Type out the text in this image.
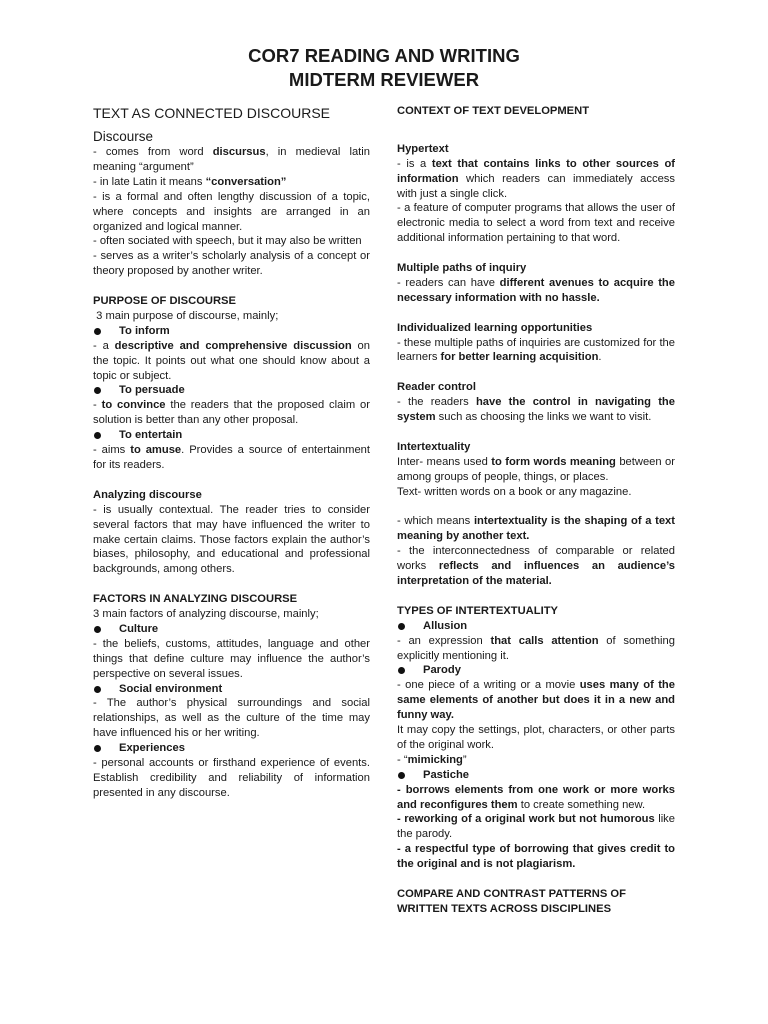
COR7 READING AND WRITING
MIDTERM REVIEWER
TEXT AS CONNECTED DISCOURSE
Discourse

- comes from word discursus, in medieval latin meaning “argument”

- in late Latin it means “conversation”

- is a formal and often lengthy discussion of a topic, where concepts and insights are arranged in an organized and logical manner.

- often sociated with speech, but it may also be written

- serves as a writer’s scholarly analysis of a concept or theory proposed by another writer.

PURPOSE OF DISCOURSE

3 main purpose of discourse, mainly;

To inform

- a descriptive and comprehensive discussion on the topic. It points out what one should know about a topic or subject.

To persuade

- to convince the readers that the proposed claim or solution is better than any other proposal.

To entertain

- aims to amuse. Provides a source of entertainment for its readers.

Analyzing discourse

- is usually contextual. The reader tries to consider several factors that may have influenced the writer to make certain claims. Those factors explain the author’s biases, philosophy, and educational and professional backgrounds, among others.

FACTORS IN ANALYZING DISCOURSE

3 main factors of analyzing discourse, mainly;

Culture

- the beliefs, customs, attitudes, language and other things that define culture may influence the author’s perspective on several issues.

Social environment

- The author’s physical surroundings and social relationships, as well as the culture of the time may have influenced his or her writing.

Experiences

- personal accounts or firsthand experience of events. Establish credibility and reliability of information presented in any discourse.

CONTEXT OF TEXT DEVELOPMENT
Hypertext

- is a text that contains links to other sources of information which readers can immediately access with just a single click.

- a feature of computer programs that allows the user of electronic media to select a word from text and receive additional information pertaining to that word.

Multiple paths of inquiry

- readers can have different avenues to acquire the necessary information with no hassle.

Individualized learning opportunities

- these multiple paths of inquiries are customized for the learners for better learning acquisition.

Reader control

- the readers have the control in navigating the system such as choosing the links we want to visit.

Intertextuality

Inter- means used to form words meaning between or among groups of people, things, or places.

Text- written words on a book or any magazine.

- which means intertextuality is the shaping of a text meaning by another text.

- the interconnectedness of comparable or related works reflects and influences an audience’s interpretation of the material.

TYPES OF INTERTEXTUALITY
Allusion

- an expression that calls attention of something explicitly mentioning it.

Parody

- one piece of a writing or a movie uses many of the same elements of another but does it in a new and funny way.

It may copy the settings, plot, characters, or other parts of the original work.

- “mimicking”

Pastiche

- borrows elements from one work or more works and reconfigures them to create something new.

- reworking of a original work but not humorous like the parody.

- a respectful type of borrowing that gives credit to the original and is not plagiarism.

COMPARE AND CONTRAST PATTERNS OF WRITTEN TEXTS ACROSS DISCIPLINES
